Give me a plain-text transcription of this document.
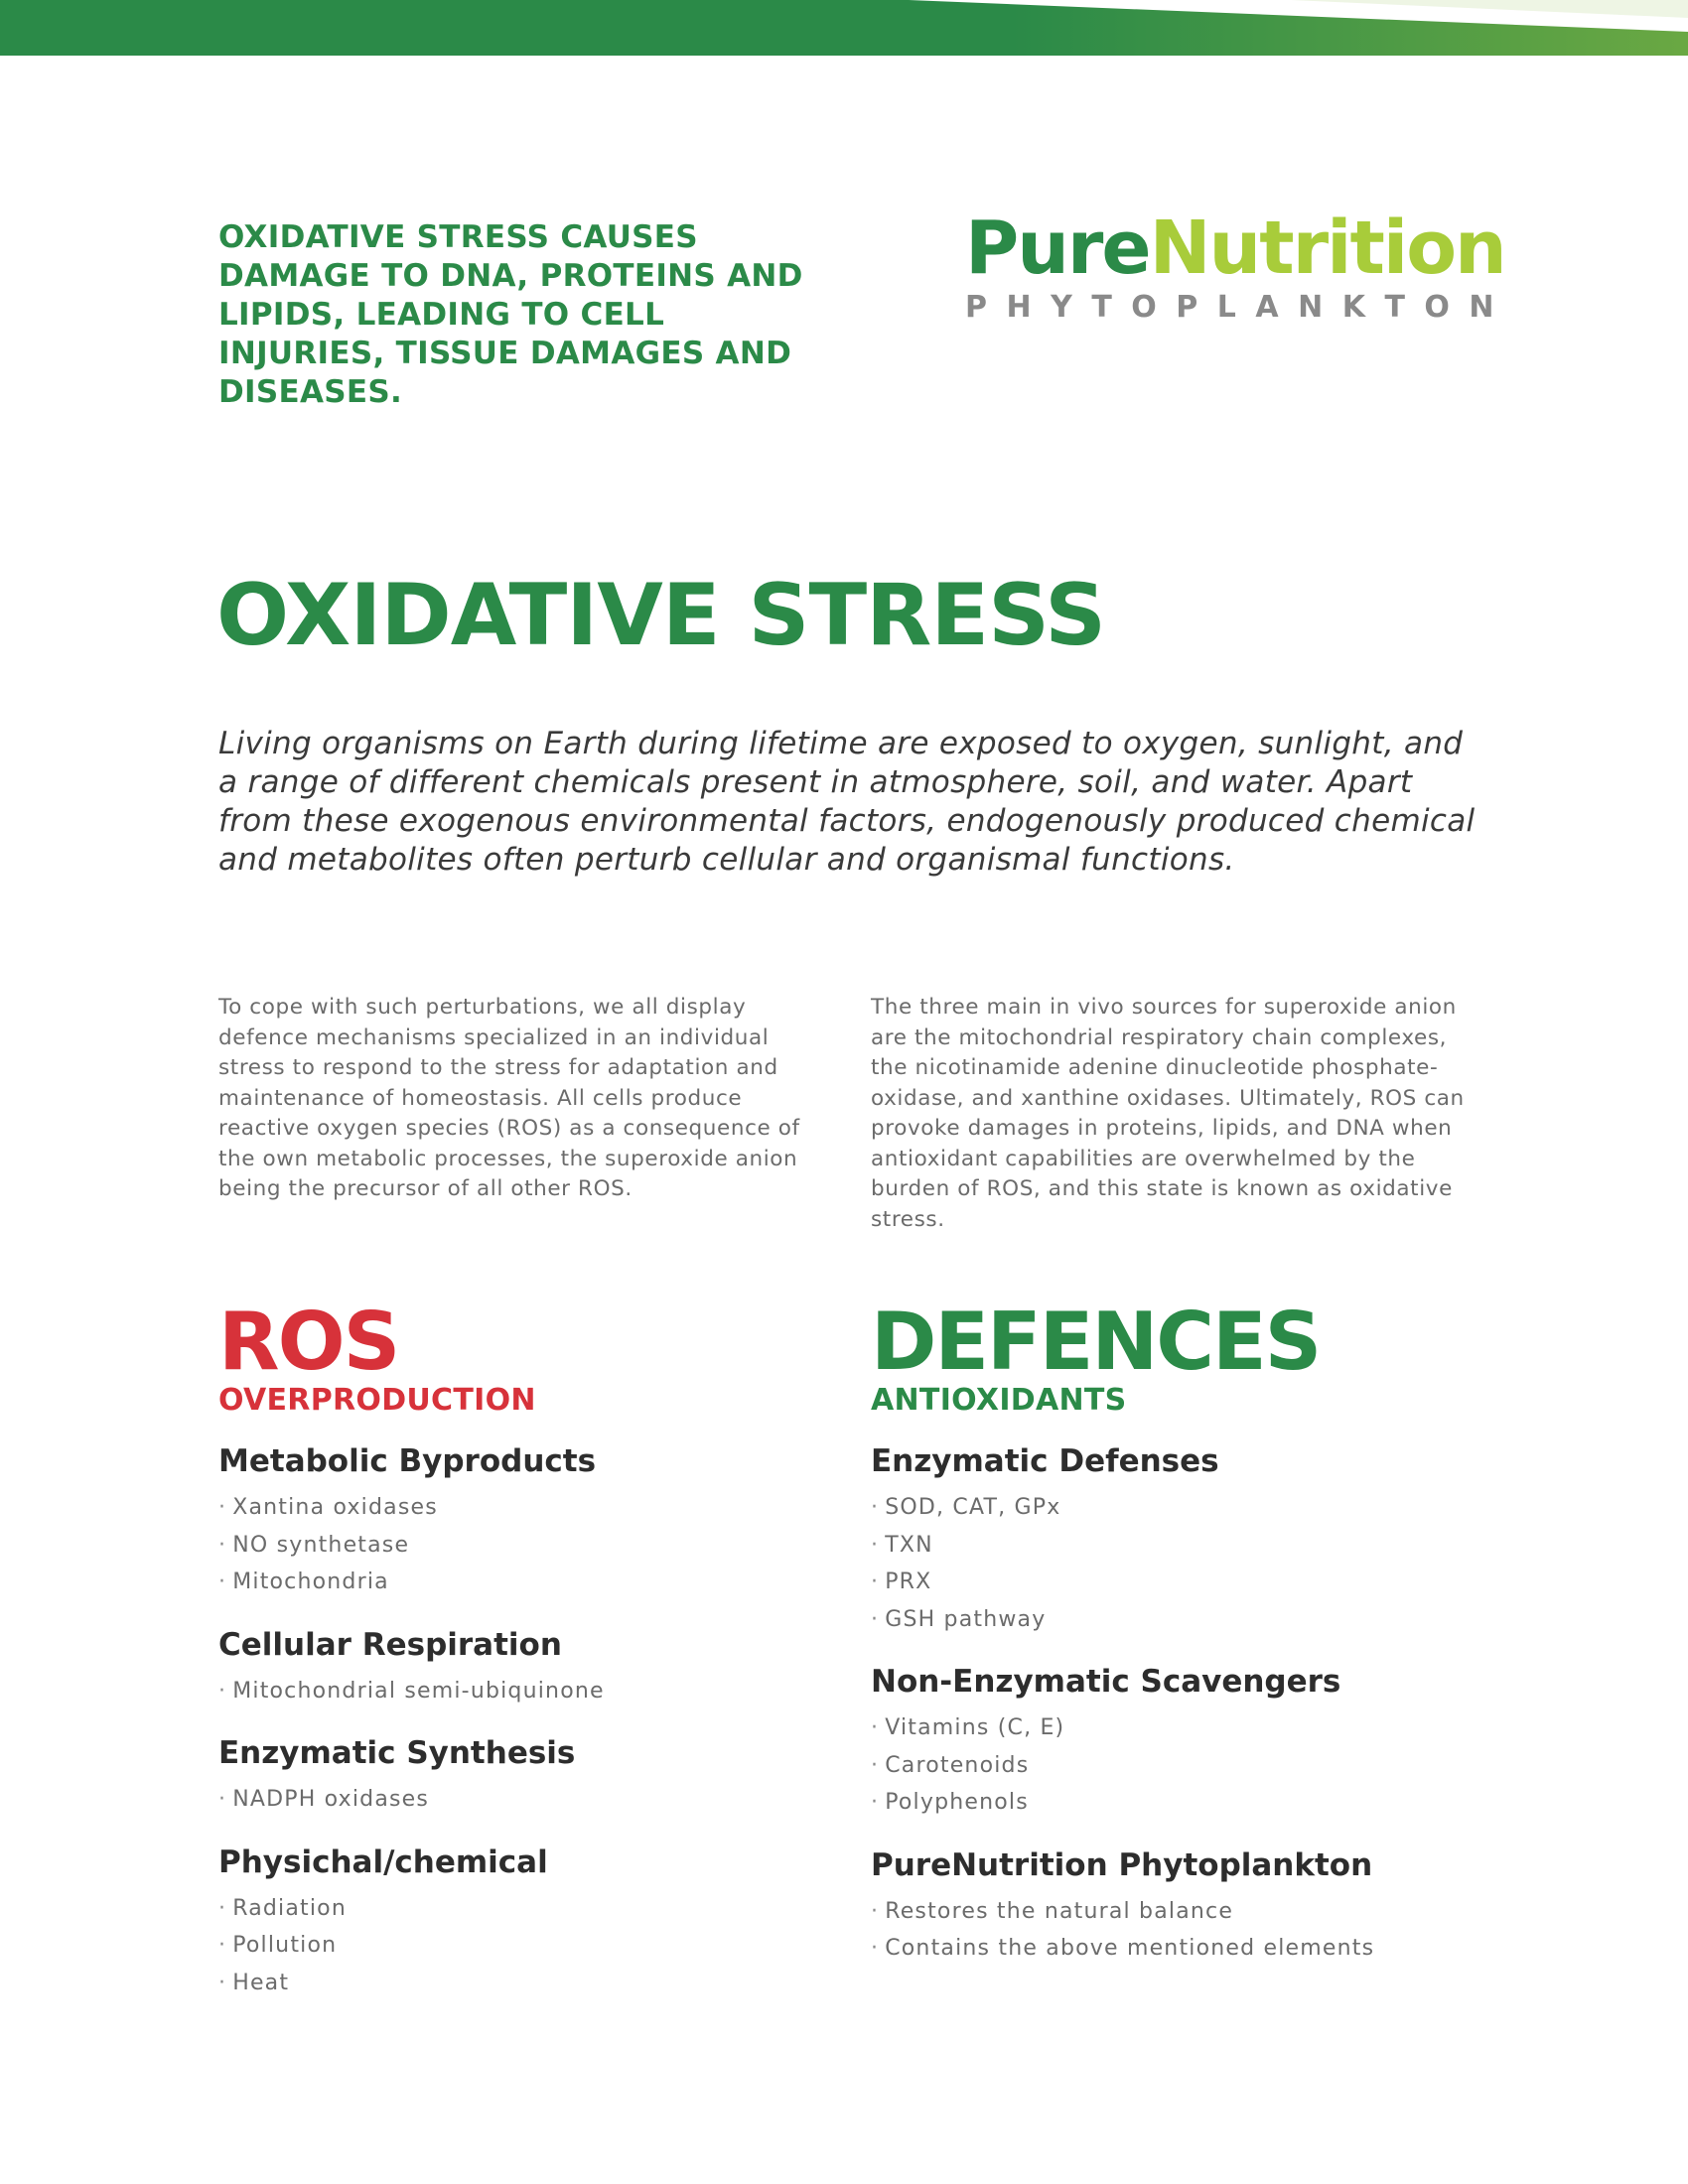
OXIDATIVE STRESS CAUSES DAMAGE TO DNA, PROTEINS AND LIPIDS, LEADING TO CELL INJURIES, TISSUE DAMAGES AND DISEASES.
PureNutrition
PHYTOPLANKTON
OXIDATIVE STRESS
Living organisms on Earth during lifetime are exposed to oxygen, sunlight, and a range of different chemicals present in atmosphere, soil, and water. Apart from these exogenous environmental factors, endogenously produced chemical and metabolites often perturb cellular and organismal functions.
To cope with such perturbations, we all display defence mechanisms specialized in an individual stress to respond to the stress for adaptation and maintenance of homeostasis. All cells produce reactive oxygen species (ROS) as a consequence of the own metabolic processes, the superoxide anion being the precursor of all other ROS.
The three main in vivo sources for superoxide anion are the mitochondrial respiratory chain complexes, the nicotinamide adenine dinucleotide phosphate-oxidase, and xanthine oxidases. Ultimately, ROS can provoke damages in proteins, lipids, and DNA when antioxidant capabilities are overwhelmed by the burden of ROS, and this state is known as oxidative stress.
ROS
OVERPRODUCTION
Metabolic Byproducts
· Xantina oxidases
· NO synthetase
· Mitochondria
Cellular Respiration
· Mitochondrial semi-ubiquinone
Enzymatic Synthesis
· NADPH oxidases
Physichal/chemical
· Radiation
· Pollution
· Heat
DEFENCES
ANTIOXIDANTS
Enzymatic Defenses
· SOD, CAT, GPx
· TXN
· PRX
· GSH pathway
Non-Enzymatic Scavengers
· Vitamins (C, E)
· Carotenoids
· Polyphenols
PureNutrition Phytoplankton
· Restores the natural balance
· Contains the above mentioned elements
